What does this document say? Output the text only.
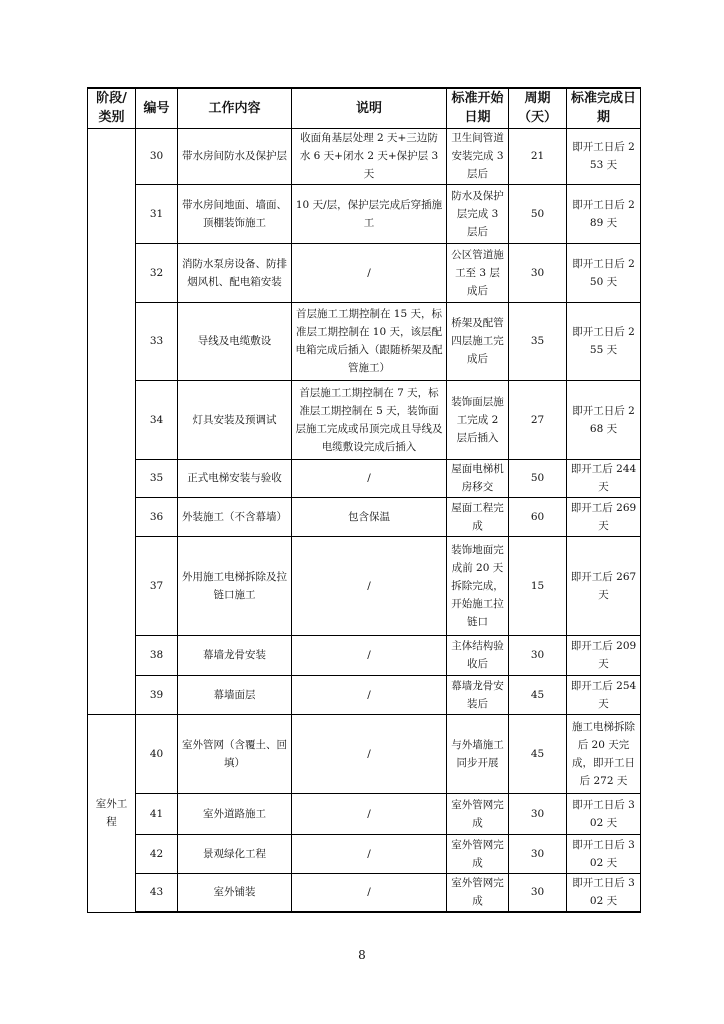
阶段/类别	编号	工作内容	说明	标准开始日期	周期（天）	标准完成日期
	30	带水房间防水及保护层	收面角基层处理 2 天+三边防水 6 天+闭水 2 天+保护层 3 天	卫生间管道安装完成 3 层后	21	即开工日后 253 天
	31	带水房间地面、墙面、顶棚装饰施工	10 天/层，保护层完成后穿插施工	防水及保护层完成 3 层后	50	即开工日后 289 天
	32	消防水泵房设备、防排烟风机、配电箱安装	/	公区管道施工至 3 层成后	30	即开工日后 250 天
	33	导线及电缆敷设	首层施工工期控制在 15 天，标准层工期控制在 10 天，该层配电箱完成后插入（跟随桥架及配管施工）	桥架及配管四层施工完成后	35	即开工日后 255 天
	34	灯具安装及预调试	首层施工工期控制在 7 天，标准层工期控制在 5 天，装饰面层施工完成或吊顶完成且导线及电缆敷设完成后插入	装饰面层施工完成 2 层后插入	27	即开工日后 268 天
	35	正式电梯安装与验收	/	屋面电梯机房移交	50	即开工后 244 天
	36	外装施工（不含幕墙）	包含保温	屋面工程完成	60	即开工后 269 天
	37	外用施工电梯拆除及拉链口施工	/	装饰地面完成前 20 天拆除完成，开始施工拉链口	15	即开工后 267 天
	38	幕墙龙骨安装	/	主体结构验收后	30	即开工后 209 天
	39	幕墙面层	/	幕墙龙骨安装后	45	即开工后 254 天
室外工程	40	室外管网（含覆土、回填）	/	与外墙施工同步开展	45	施工电梯拆除后 20 天完成，即开工日后 272 天
	41	室外道路施工	/	室外管网完成	30	即开工日后 302 天
	42	景观绿化工程	/	室外管网完成	30	即开工日后 302 天
	43	室外铺装	/	室外管网完成	30	即开工日后 302 天
8
